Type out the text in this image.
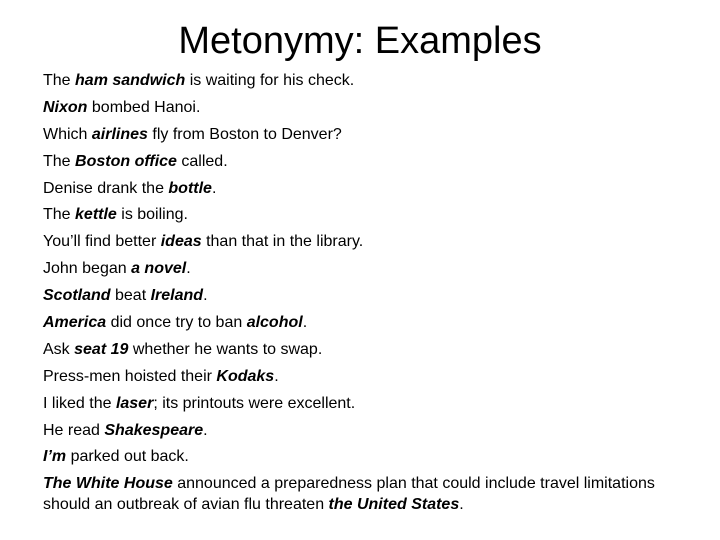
Metonymy: Examples
The ham sandwich is waiting for his check.
Nixon bombed Hanoi.
Which airlines fly from Boston to Denver?
The Boston office called.
Denise drank the bottle.
The kettle is boiling.
You’ll find better ideas than that in the library.
John began a novel.
Scotland beat Ireland.
America did once try to ban alcohol.
Ask seat 19 whether he wants to swap.
Press-men hoisted their Kodaks.
I liked the laser; its printouts were excellent.
He read Shakespeare.
I’m parked out back.
The White House announced a preparedness plan that could include travel limitations should an outbreak of avian flu threaten the United States.
